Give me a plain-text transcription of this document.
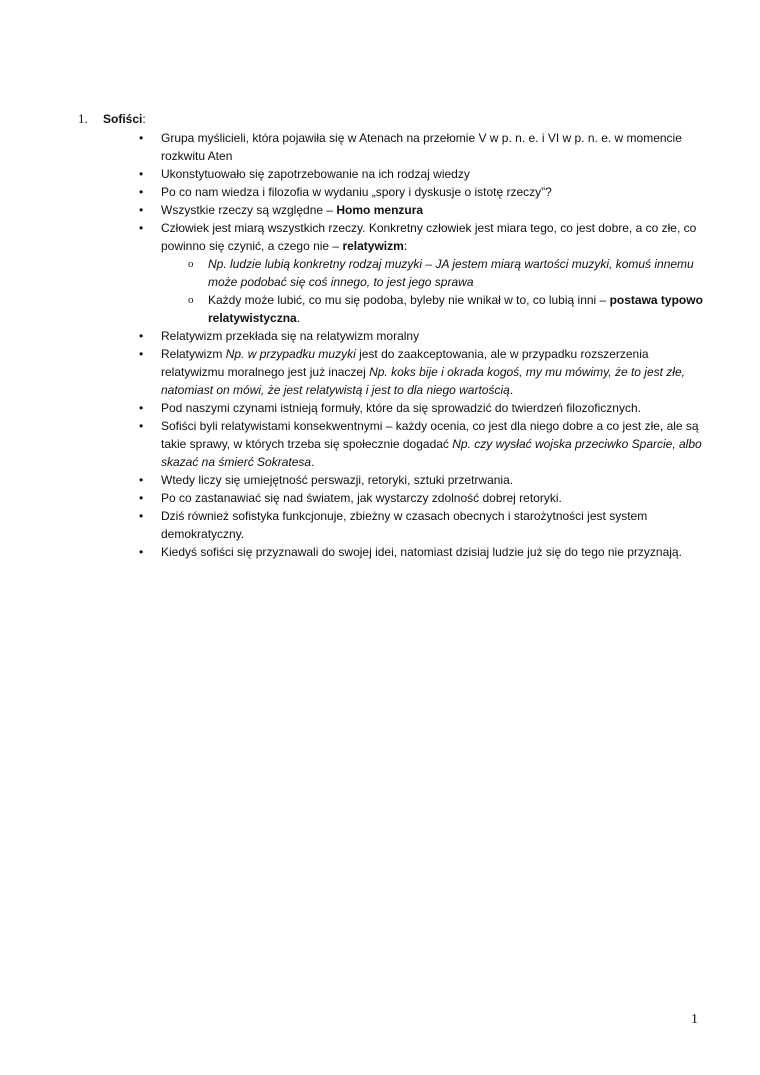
1. Sofiści:
• Grupa myślicieli, która pojawiła się w Atenach na przełomie V w p. n. e. i VI w p. n. e. w momencie rozkwitu Aten
• Ukonstytuowało się zapotrzebowanie na ich rodzaj wiedzy
• Po co nam wiedza i filozofia w wydaniu „spory i dyskusje o istotę rzeczy”?
• Wszystkie rzeczy są względne – Homo menzura
• Człowiek jest miarą wszystkich rzeczy. Konkretny człowiek jest miara tego, co jest dobre, a co złe, co powinno się czynić, a czego nie – relatywizm:
o Np. ludzie lubią konkretny rodzaj muzyki – JA jestem miarą wartości muzyki, komuś innemu może podobać się coś innego, to jest jego sprawa
o Każdy może lubić, co mu się podoba, byleby nie wnikał w to, co lubią inni – postawa typowo relatywistyczna.
• Relatywizm przekłada się na relatywizm moralny
• Relatywizm Np. w przypadku muzyki jest do zaakceptowania, ale w przypadku rozszerzenia relatywizmu moralnego jest już inaczej Np. koks bije i okrada kogoś, my mu mówimy, że to jest złe, natomiast on mówi, że jest relatywistą i jest to dla niego wartością.
• Pod naszymi czynami istnieją formuły, które da się sprowadzić do twierdzeń filozoficznych.
• Sofiści byli relatywistami konsekwentnymi – każdy ocenia, co jest dla niego dobre a co jest złe, ale są takie sprawy, w których trzeba się społecznie dogadać Np. czy wysłać wojska przeciwko Sparcie, albo skazać na śmierć Sokratesa.
• Wtedy liczy się umiejętność perswazji, retoryki, sztuki przetrwania.
• Po co zastanawiać się nad światem, jak wystarczy zdolność dobrej retoryki.
• Dziś również sofistyka funkcjonuje, zbieżny w czasach obecnych i starożytności jest system demokratyczny.
• Kiedyś sofiści się przyznawali do swojej idei, natomiast dzisiaj ludzie już się do tego nie przyznają.
1
